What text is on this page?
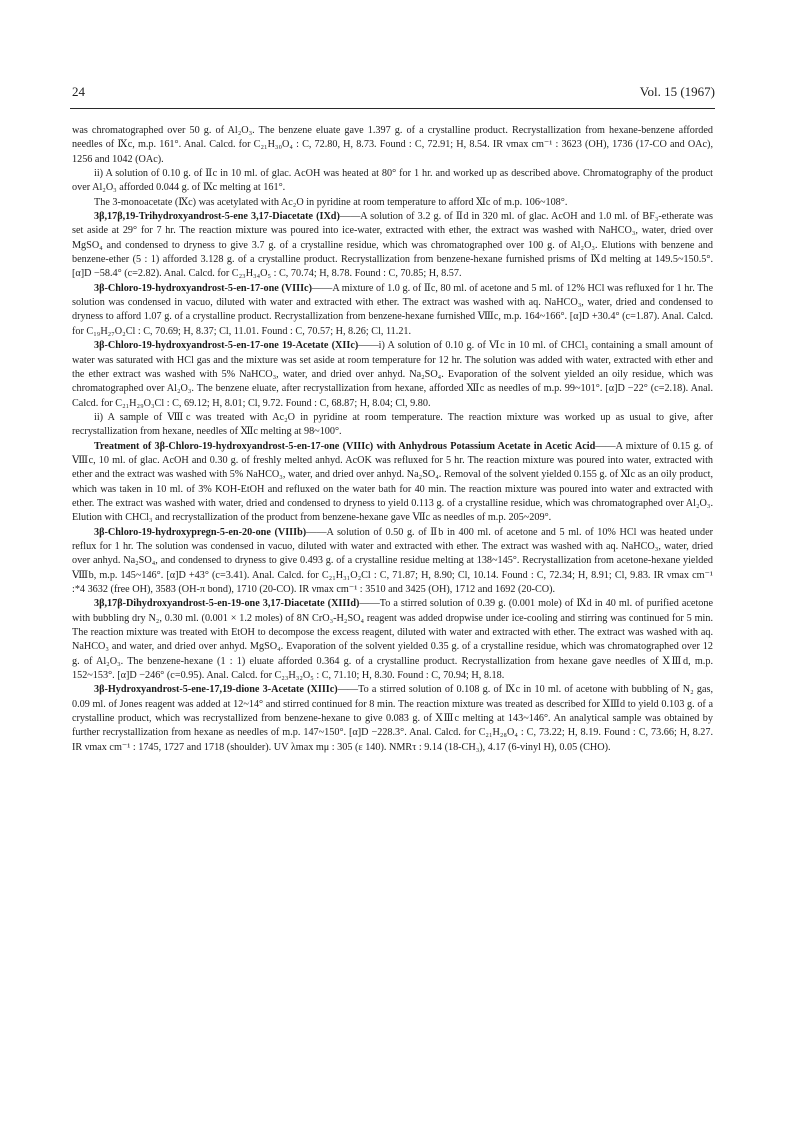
24	Vol. 15 (1967)

was chromatographed over 50 g. of Al₂O₃. The benzene eluate gave 1.397 g. of a crystalline product. Recrystallization from hexane-benzene afforded needles of Ⅸc, m.p. 161°. Anal. Calcd. for C₂₁H₃₀O₄ : C, 72.80, H, 8.73. Found : C, 72.91; H, 8.54. IR νmax cm⁻¹ : 3623 (OH), 1736 (17-CO and OAc), 1256 and 1042 (OAc).

ii) A solution of 0.10 g. of Ⅱc in 10 ml. of glac. AcOH was heated at 80° for 1 hr. and worked up as described above. Chromatography of the product over Al₂O₃ afforded 0.044 g. of Ⅸc melting at 161°.

The 3-monoacetate (Ⅸc) was acetylated with Ac₂O in pyridine at room temperature to afford Ⅺc of m.p. 106~108°.

3β,17β,19-Trihydroxyandrost-5-ene 3,17-Diacetate (IXd)——A solution of 3.2 g. of Ⅱd in 320 ml. of glac. AcOH and 1.0 ml. of BF₃-etherate was set aside at 29° for 7 hr. The reaction mixture was poured into ice-water, extracted with ether, the extract was washed with NaHCO₃, water, dried over MgSO₄ and condensed to dryness to give 3.7 g. of a crystalline residue, which was chromatographed over 100 g. of Al₂O₃. Elutions with benzene and benzene-ether (5 : 1) afforded 3.128 g. of a crystalline product. Recrystallization from benzene-hexane furnished prisms of Ⅸd melting at 149.5~150.5°. [α]D −58.4° (c=2.82). Anal. Calcd. for C₂₃H₃₄O₅ : C, 70.74; H, 8.78. Found : C, 70.85; H, 8.57.

3β-Chloro-19-hydroxyandrost-5-en-17-one (VIIIc)——A mixture of 1.0 g. of Ⅱc, 80 ml. of acetone and 5 ml. of 12% HCl was refluxed for 1 hr. The solution was condensed in vacuo, diluted with water and extracted with ether. The extract was washed with aq. NaHCO₃, water, dried and condensed to dryness to afford 1.07 g. of a crystalline product. Recrystallization from benzene-hexane furnished Ⅷc, m.p. 164~166°. [α]D +30.4° (c=1.87). Anal. Calcd. for C₁₉H₂₇O₂Cl : C, 70.69; H, 8.37; Cl, 11.01. Found : C, 70.57; H, 8.26; Cl, 11.21.

3β-Chloro-19-hydroxyandrost-5-en-17-one 19-Acetate (XIIc)——i) A solution of 0.10 g. of Ⅵc in 10 ml. of CHCl₃ containing a small amount of water was saturated with HCl gas and the mixture was set aside at room temperature for 12 hr. The solution was added with water, extracted with ether and the ether extract was washed with 5% NaHCO₃, water, and dried over anhyd. Na₂SO₄. Evaporation of the solvent yielded an oily residue, which was chromatographed over Al₂O₃. The benzene eluate, after recrystallization from hexane, afforded Ⅻc as needles of m.p. 99~101°. [α]D −22° (c=2.18). Anal. Calcd. for C₂₁H₂₉O₃Cl : C, 69.12; H, 8.01; Cl, 9.72. Found : C, 68.87; H, 8.04; Cl, 9.80.

ii) A sample of Ⅷc was treated with Ac₂O in pyridine at room temperature. The reaction mixture was worked up as usual to give, after recrystallization from hexane, needles of Ⅻc melting at 98~100°.

Treatment of 3β-Chloro-19-hydroxyandrost-5-en-17-one (VIIIc) with Anhydrous Potassium Acetate in Acetic Acid——A mixture of 0.15 g. of Ⅷc, 10 ml. of glac. AcOH and 0.30 g. of freshly melted anhyd. AcOK was refluxed for 5 hr. The reaction mixture was poured into water, extracted with ether and the extract was washed with 5% NaHCO₃, water, and dried over anhyd. Na₂SO₄. Removal of the solvent yielded 0.155 g. of Ⅺc as an oily product, which was taken in 10 ml. of 3% KOH-EtOH and refluxed on the water bath for 40 min. The reaction mixture was poured into water and extracted with ether. The extract was washed with water, dried and condensed to dryness to yield 0.113 g. of a crystalline residue, which was chromatographed over Al₂O₃. Elution with CHCl₃ and recrystallization of the product from benzene-hexane gave Ⅶc as needles of m.p. 205~209°.

3β-Chloro-19-hydroxypregn-5-en-20-one (VIIIb)——A solution of 0.50 g. of Ⅱb in 400 ml. of acetone and 5 ml. of 10% HCl was heated under reflux for 1 hr. The solution was condensed in vacuo, diluted with water and extracted with ether. The extract was washed with aq. NaHCO₃, water, dried over anhyd. Na₂SO₄, and condensed to dryness to give 0.493 g. of a crystalline residue melting at 138~145°. Recrystallization from acetone-hexane yielded Ⅷb, m.p. 145~146°. [α]D +43° (c=3.41). Anal. Calcd. for C₂₁H₃₁O₂Cl : C, 71.87; H, 8.90; Cl, 10.14. Found : C, 72.34; H, 8.91; Cl, 9.83. IR νmax cm⁻¹ :*4 3632 (free OH), 3583 (OH-π bond), 1710 (20-CO). IR νmax cm⁻¹ : 3510 and 3425 (OH), 1712 and 1692 (20-CO).

3β,17β-Dihydroxyandrost-5-en-19-one 3,17-Diacetate (XIIId)——To a stirred solution of 0.39 g. (0.001 mole) of Ⅸd in 40 ml. of purified acetone with bubbling dry N₂, 0.30 ml. (0.001 × 1.2 moles) of 8N CrO₃-H₂SO₄ reagent was added dropwise under ice-cooling and stirring was continued for 5 min. The reaction mixture was treated with EtOH to decompose the excess reagent, diluted with water and extracted with ether. The extract was washed with aq. NaHCO₃ and water, and dried over anhyd. MgSO₄. Evaporation of the solvent yielded 0.35 g. of a crystalline residue, which was chromatographed over 12 g. of Al₂O₃. The benzene-hexane (1 : 1) eluate afforded 0.364 g. of a crystalline product. Recrystallization from hexane gave needles of ⅩⅢd, m.p. 152~153°. [α]D −246° (c=0.95). Anal. Calcd. for C₂₃H₃₂O₅ : C, 71.10; H, 8.30. Found : C, 70.94; H, 8.18.

3β-Hydroxyandrost-5-ene-17,19-dione 3-Acetate (XIIIc)——To a stirred solution of 0.108 g. of Ⅸc in 10 ml. of acetone with bubbling of N₂ gas, 0.09 ml. of Jones reagent was added at 12~14° and stirred continued for 8 min. The reaction mixture was treated as described for ⅩⅢd to yield 0.103 g. of a crystalline product, which was recrystallized from benzene-hexane to give 0.083 g. of ⅩⅢc melting at 143~146°. An analytical sample was obtained by further recrystallization from hexane as needles of m.p. 147~150°. [α]D −228.3°. Anal. Calcd. for C₂₁H₂₈O₄ : C, 73.22; H, 8.19. Found : C, 73.66; H, 8.27. IR νmax cm⁻¹ : 1745, 1727 and 1718 (shoulder). UV λmax mμ : 305 (ε 140). NMRτ : 9.14 (18-CH₃), 4.17 (6-vinyl H), 0.05 (CHO).
